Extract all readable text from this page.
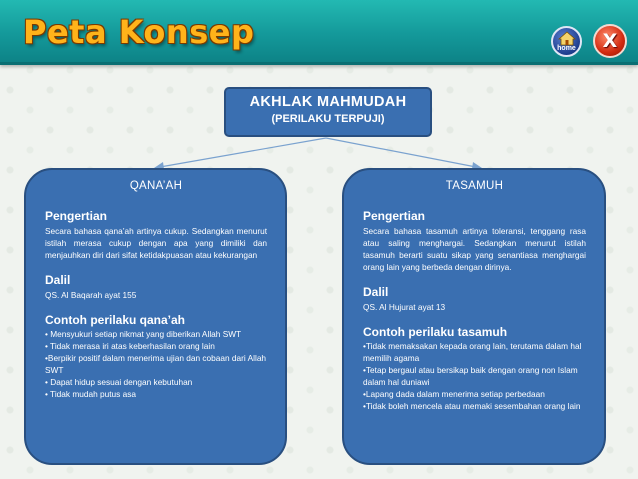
Peta Konsep	home	X
AKHLAK MAHMUDAH
(PERILAKU TERPUJI)
QANA’AH

Pengertian

Secara bahasa qana’ah artinya cukup. Sedangkan menurut istilah merasa cukup dengan apa yang dimiliki dan menjauhkan diri dari sifat ketidakpuasan atau kekurangan

Dalil

QS. Al Baqarah ayat 155

Contoh perilaku qana’ah

• Mensyukuri setiap nikmat yang diberikan Allah SWT

• Tidak merasa iri atas keberhasilan orang lain

•Berpikir positif dalam menerima ujian dan cobaan dari Allah SWT

• Dapat hidup sesuai dengan kebutuhan

• Tidak mudah putus asa

TASAMUH

Pengertian

Secara bahasa tasamuh artinya toleransi, tenggang rasa atau saling menghargai. Sedangkan menurut istilah tasamuh berarti suatu sikap yang senantiasa menghargai orang lain yang berbeda dengan dirinya.

Dalil

QS. Al Hujurat ayat 13

Contoh perilaku tasamuh

•Tidak memaksakan kepada orang lain, terutama dalam hal memilih agama

•Tetap bergaul atau bersikap baik dengan orang non Islam dalam hal duniawi

•Lapang dada dalam menerima setiap perbedaan

•Tidak boleh mencela atau memaki sesembahan orang lain
